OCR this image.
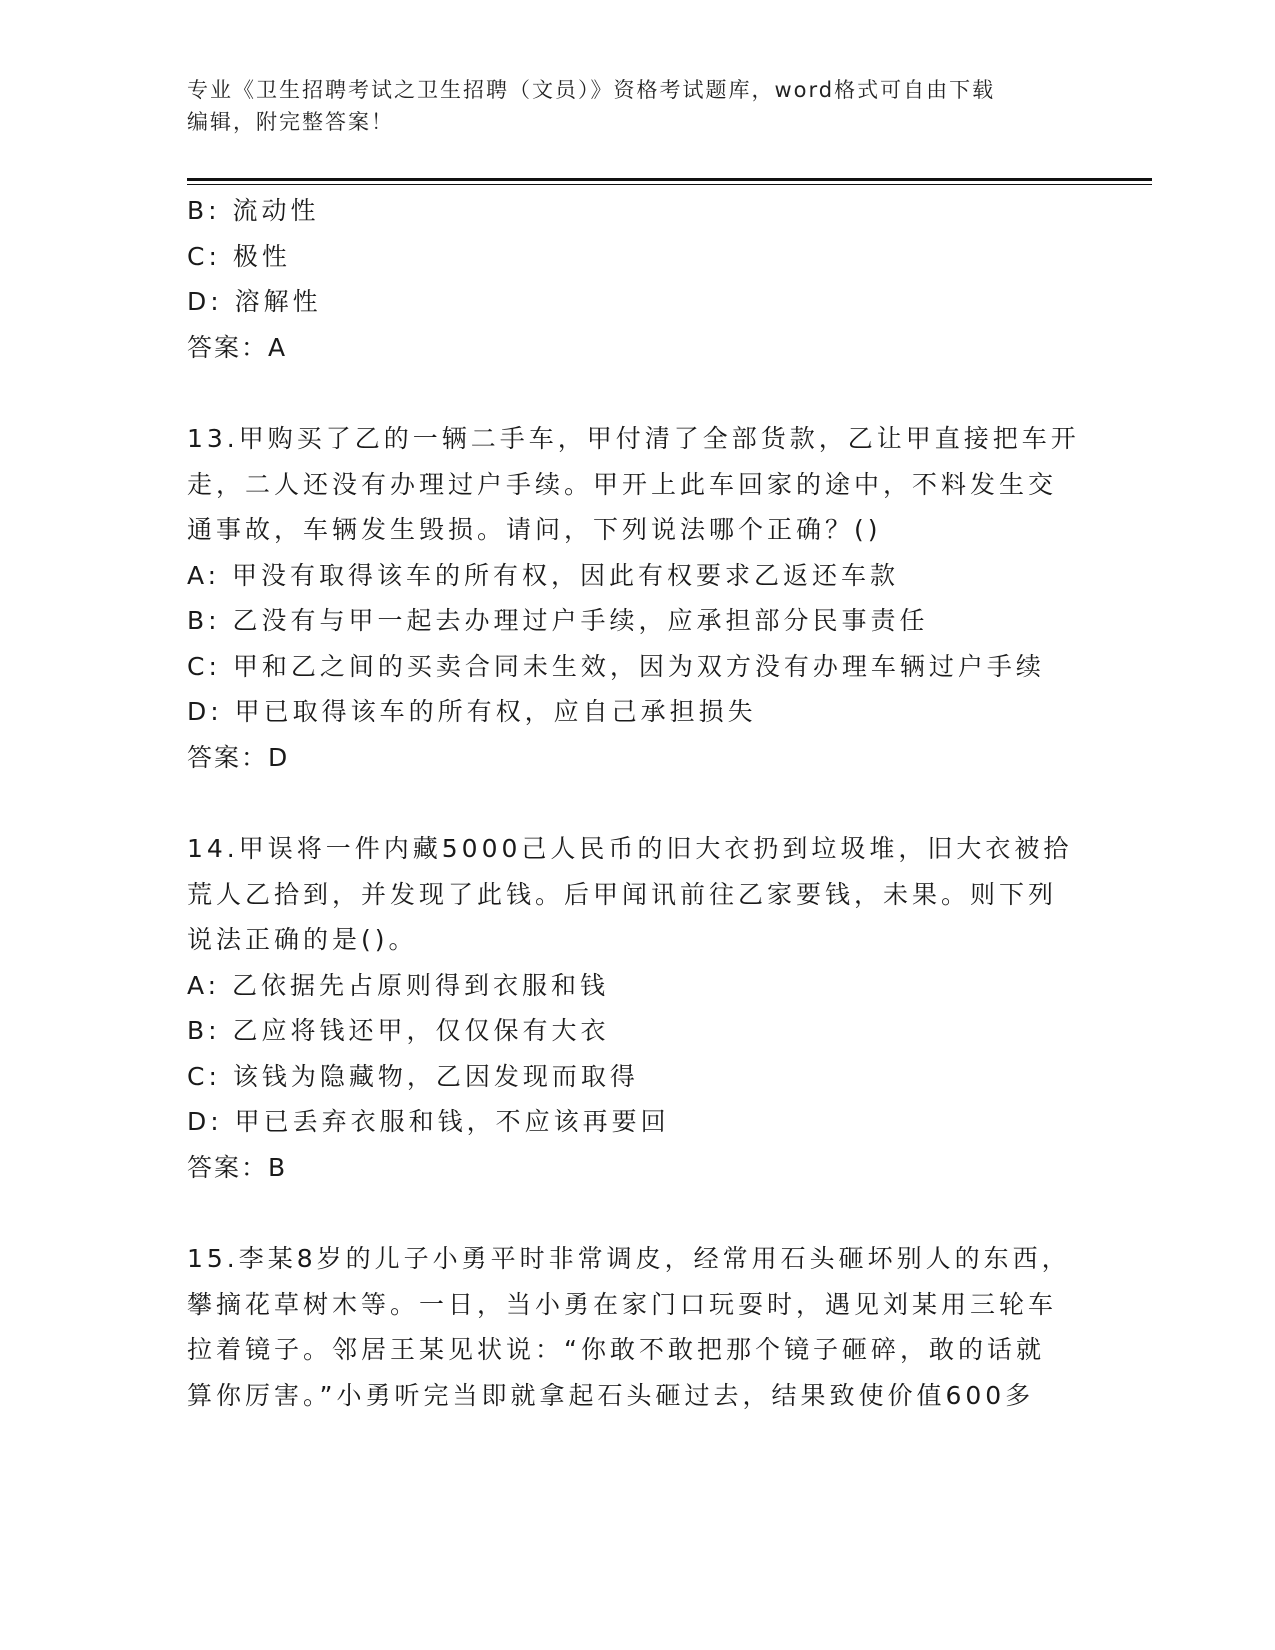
专业《卫生招聘考试之卫生招聘（文员）》资格考试题库，word格式可自由下载
编辑，附完整答案！
B: 流动性
C: 极性
D: 溶解性
答案：A
13.甲购买了乙的一辆二手车，甲付清了全部货款，乙让甲直接把车开
走，二人还没有办理过户手续。甲开上此车回家的途中，不料发生交
通事故，车辆发生毁损。请问，下列说法哪个正确？()
A: 甲没有取得该车的所有权，因此有权要求乙返还车款
B: 乙没有与甲一起去办理过户手续，应承担部分民事责任
C: 甲和乙之间的买卖合同未生效，因为双方没有办理车辆过户手续
D: 甲已取得该车的所有权，应自己承担损失
答案：D
14.甲误将一件内藏5000己人民币的旧大衣扔到垃圾堆，旧大衣被拾
荒人乙拾到，并发现了此钱。后甲闻讯前往乙家要钱，未果。则下列
说法正确的是()。
A: 乙依据先占原则得到衣服和钱
B: 乙应将钱还甲，仅仅保有大衣
C: 该钱为隐藏物，乙因发现而取得
D: 甲已丢弃衣服和钱，不应该再要回
答案：B
15.李某8岁的儿子小勇平时非常调皮，经常用石头砸坏别人的东西，
攀摘花草树木等。一日，当小勇在家门口玩耍时，遇见刘某用三轮车
拉着镜子。邻居王某见状说：“你敢不敢把那个镜子砸碎，敢的话就
算你厉害。”小勇听完当即就拿起石头砸过去，结果致使价值600多
